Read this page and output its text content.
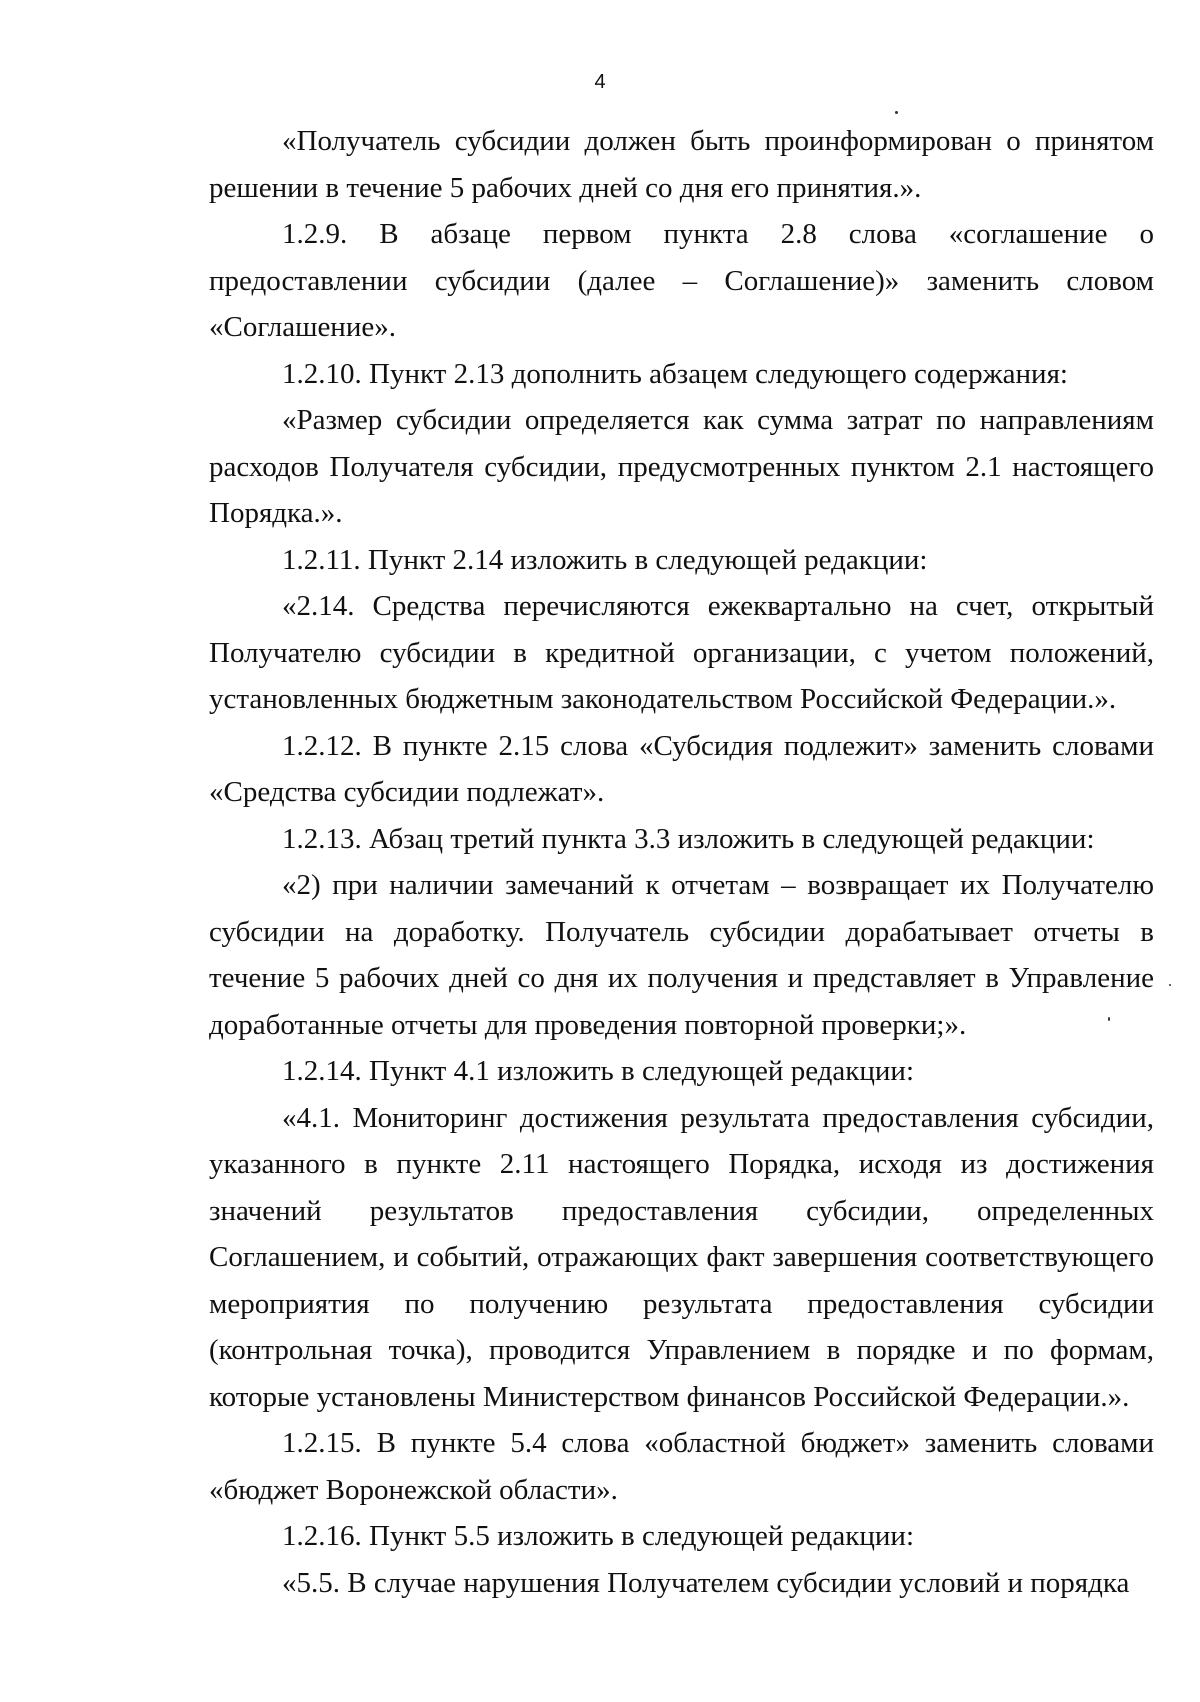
4

«Получатель субсидии должен быть проинформирован о принятом решении в течение 5 рабочих дней со дня его принятия.».

1.2.9. В абзаце первом пункта 2.8 слова «соглашение о предоставлении субсидии (далее – Соглашение)» заменить словом «Соглашение».

1.2.10. Пункт 2.13 дополнить абзацем следующего содержания:

«Размер субсидии определяется как сумма затрат по направлениям расходов Получателя субсидии, предусмотренных пунктом 2.1 настоящего Порядка.».

1.2.11. Пункт 2.14 изложить в следующей редакции:

«2.14. Средства перечисляются ежеквартально на счет, открытый Получателю субсидии в кредитной организации, с учетом положений, установленных бюджетным законодательством Российской Федерации.».

1.2.12. В пункте 2.15 слова «Субсидия подлежит» заменить словами «Средства субсидии подлежат».

1.2.13. Абзац третий пункта 3.3 изложить в следующей редакции:

«2) при наличии замечаний к отчетам – возвращает их Получателю субсидии на доработку. Получатель субсидии дорабатывает отчеты в течение 5 рабочих дней со дня их получения и представляет в Управление доработанные отчеты для проведения повторной проверки;».

1.2.14. Пункт 4.1 изложить в следующей редакции:

«4.1. Мониторинг достижения результата предоставления субсидии, указанного в пункте 2.11 настоящего Порядка, исходя из достижения значений результатов предоставления субсидии, определенных Соглашением, и событий, отражающих факт завершения соответствующего мероприятия по получению результата предоставления субсидии (контрольная точка), проводится Управлением в порядке и по формам, которые установлены Министерством финансов Российской Федерации.».

1.2.15. В пункте 5.4 слова «областной бюджет» заменить словами «бюджет Воронежской области».

1.2.16. Пункт 5.5 изложить в следующей редакции:

«5.5. В случае нарушения Получателем субсидии условий и порядка
